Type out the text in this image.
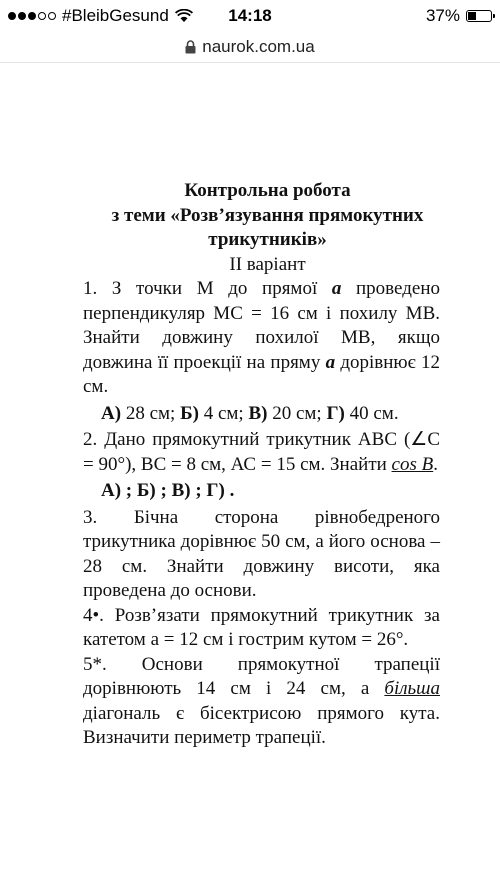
#BleibGesund	14:18	37%
naurok.com.ua
Контрольна робота
з теми «Розв’язування прямокутних
трикутників»
ІІ варіант

1. З точки М до прямої a проведено перпендикуляр МС = 16 см і похилу МВ. Знайти довжину похилої МВ, якщо довжина її проекції на пряму a дорівнює 12 см.

А) 28 см; Б) 4 см; В) 20 см; Г) 40 см.

2. Дано прямокутний трикутник АВС (∠С = 90°), ВС = 8 см, АС = 15 см. Знайти cos B.

А) ; Б) ; В) ; Г) .

3. Бічна сторона рівнобедреного трикутника дорівнює 50 см, а його основа – 28 см. Знайти довжину висоти, яка проведена до основи.

4•. Розв’язати прямокутний трикутник за катетом а = 12 см і гострим кутом = 26°.

5*. Основи прямокутної трапеції дорівнюють 14 см і 24 см, а більша діагональ є бісектрисою прямого кута. Визначити периметр трапеції.
